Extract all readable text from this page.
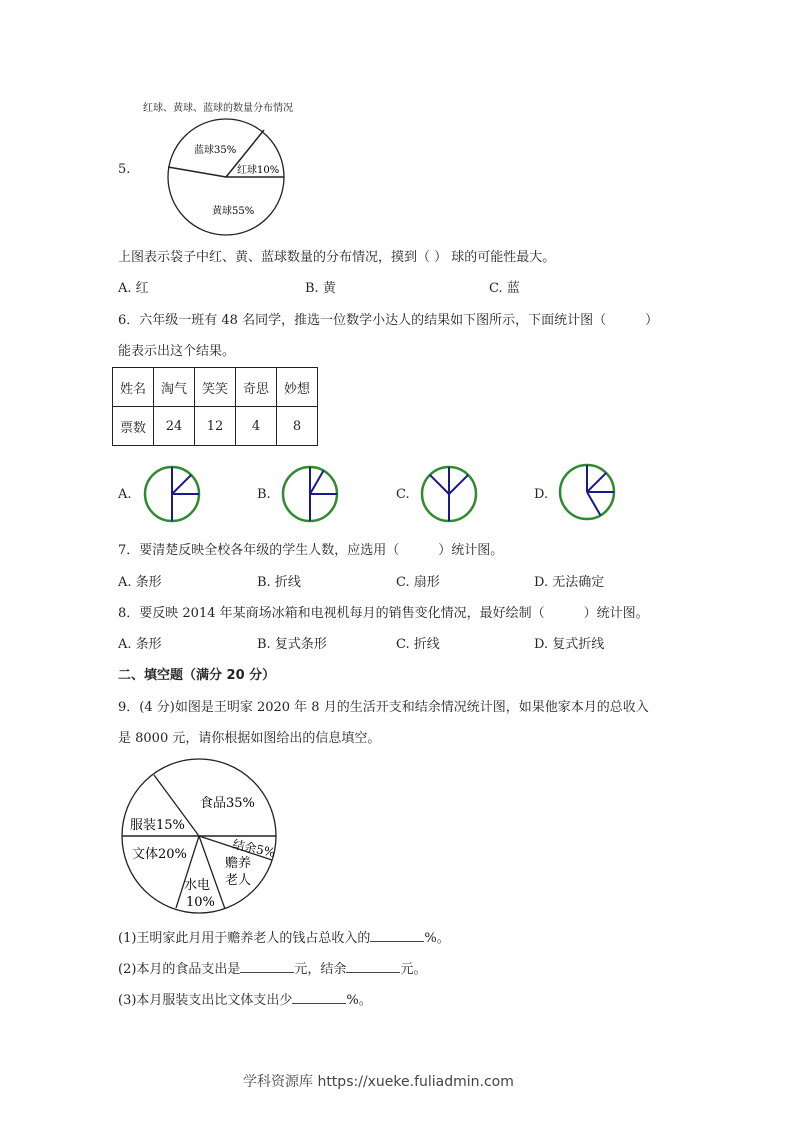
红球、黄球、蓝球的数量分布情况
5.
蓝球35%
红球10%
黄球55%
上图表示袋子中红、黄、蓝球数量的分布情况，摸到（ ） 球的可能性最大。
A. 红	B. 黄	C. 蓝
6．六年级一班有 48 名同学，推选一位数学小达人的结果如下图所示，下面统计图（　　　）
能表示出这个结果。
姓名	淘气	笑笑	奇思	妙想
票数	24	12	4	8
A.	B.	C.	D.
7．要清楚反映全校各年级的学生人数，应选用（　　　）统计图。
A. 条形	B. 折线	C. 扇形	D. 无法确定
8．要反映 2014 年某商场冰箱和电视机每月的销售变化情况，最好绘制（　　　）统计图。
A. 条形	B. 复式条形	C. 折线	D. 复式折线
二、填空题（满分 20 分）
9．(4 分)如图是王明家 2020 年 8 月的生活开支和结余情况统计图，如果他家本月的总收入
是 8000 元，请你根据如图给出的信息填空。
食品35%
服装15%
文体20%
水电
10%
赡养
老人
结余5%
(1)王明家此月用于赡养老人的钱占总收入的	%。
(2)本月的食品支出是	元，结余	元。
(3)本月服装支出比文体支出少	%。
学科资源库 https://xueke.fuliadmin.com
